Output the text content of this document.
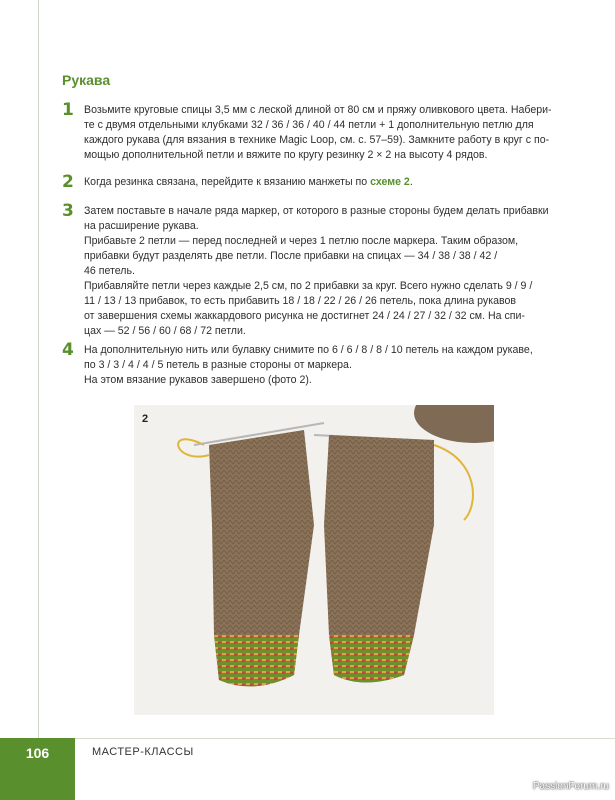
Рукава
1 Возьмите круговые спицы 3,5 мм с леской длиной от 80 см и пряжу оливкового цвета. Набери-

те с двумя отдельными клубками 32 / 36 / 36 / 40 / 44 петли + 1 дополнительную петлю для

каждого рукава (для вязания в технике Magic Loop, см. с. 57–59). Замкните работу в круг с по-

мощью дополнительной петли и вяжите по кругу резинку 2 × 2 на высоту 4 рядов.

2 Когда резинка связана, перейдите к вязанию манжеты по схеме 2.

3 Затем поставьте в начале ряда маркер, от которого в разные стороны будем делать прибавки

на расширение рукава.

Прибавьте 2 петли — перед последней и через 1 петлю после маркера. Таким образом,

прибавки будут разделять две петли. После прибавки на спицах — 34 / 38 / 38 / 42 /

46 петель.

Прибавляйте петли через каждые 2,5 см, по 2 прибавки за круг. Всего нужно сделать 9 / 9 /

11 / 13 / 13 прибавок, то есть прибавить 18 / 18 / 22 / 26 / 26 петель, пока длина рукавов

от завершения схемы жаккардового рисунка не достигнет 24 / 24 / 27 / 32 / 32 см. На спи-

цах — 52 / 56 / 60 / 68 / 72 петли.

4 На дополнительную нить или булавку снимите по 6 / 6 / 8 / 8 / 10 петель на каждом рукаве,

по 3 / 3 / 4 / 4 / 5 петель в разные стороны от маркера.

На этом вязание рукавов завершено (фото 2).

2
106	МАСТЕР-КЛАССЫ
PassionForum.ru
